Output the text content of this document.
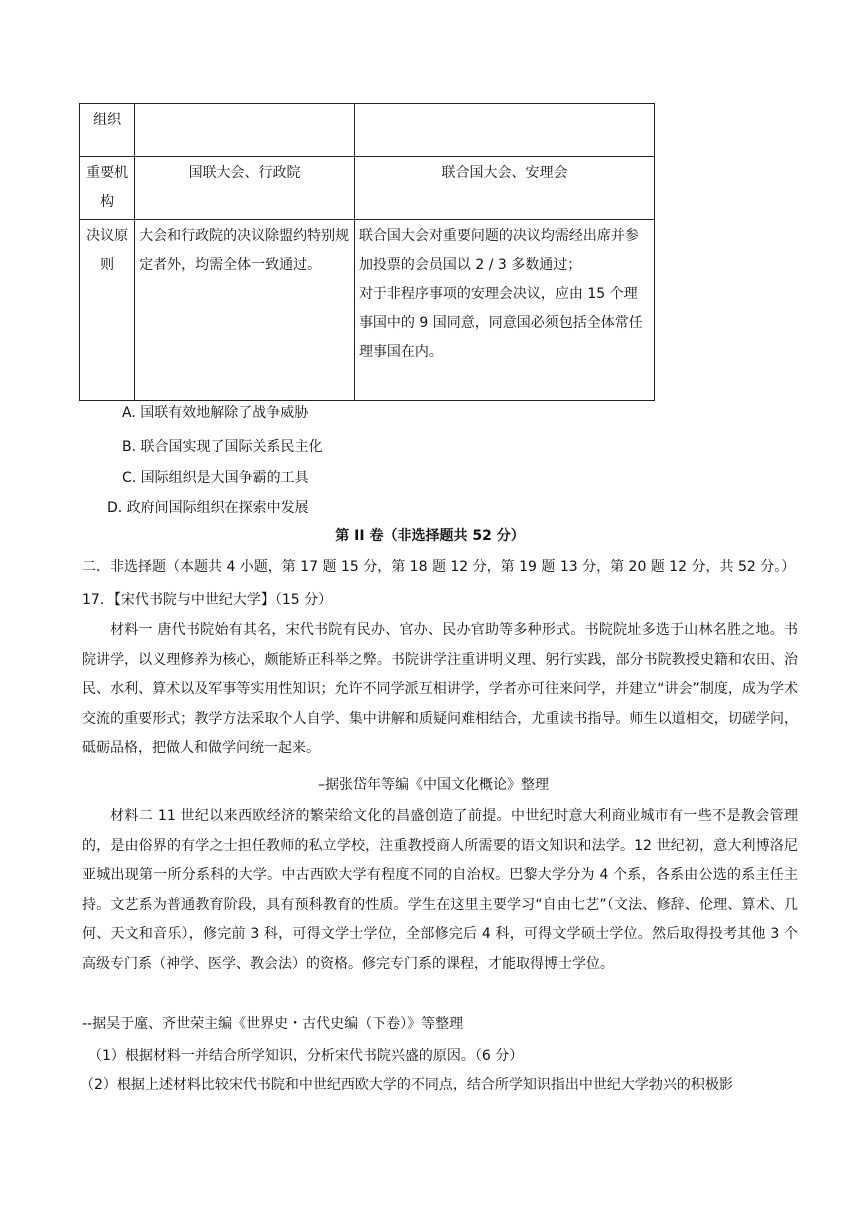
组织		
重要机构	国联大会、行政院	联合国大会、安理会
决议原则	大会和行政院的决议除盟约特别规定者外，均需全体一致通过。	联合国大会对重要问题的决议均需经出席并参加投票的会员国以 2 / 3 多数通过；
对于非程序事项的安理会决议，应由 15 个理事国中的 9 国同意，同意国必须包括全体常任理事国在内。
A. 国联有效地解除了战争威胁
B. 联合国实现了国际关系民主化
C. 国际组织是大国争霸的工具
D. 政府间国际组织在探索中发展
第 II 卷（非选择题共 52 分）
二．非选择题（本题共 4 小题，第 17 题 15 分，第 18 题 12 分，第 19 题 13 分，第 20 题 12 分，共 52 分。）
17．【宋代书院与中世纪大学】（15 分）
材料一 唐代书院始有其名，宋代书院有民办、官办、民办官助等多种形式。书院院址多选于山林名胜之地。书院讲学，以义理修养为核心，颇能矫正科举之弊。书院讲学注重讲明义理、躬行实践，部分书院教授史籍和农田、治民、水利、算术以及军事等实用性知识；允许不同学派互相讲学，学者亦可往来问学，并建立“讲会”制度，成为学术交流的重要形式；教学方法采取个人自学、集中讲解和质疑问难相结合，尤重读书指导。师生以道相交，切磋学问，砥砺品格，把做人和做学问统一起来。
–据张岱年等编《中国文化概论》整理
材料二 11 世纪以来西欧经济的繁荣给文化的昌盛创造了前提。中世纪时意大利商业城市有一些不是教会管理的，是由俗界的有学之士担任教师的私立学校，注重教授商人所需要的语文知识和法学。12 世纪初，意大利博洛尼亚城出现第一所分系科的大学。中古西欧大学有程度不同的自治权。巴黎大学分为 4 个系，各系由公选的系主任主持。文艺系为普通教育阶段，具有预科教育的性质。学生在这里主要学习“自由七艺”（文法、修辞、伦理、算术、几何、天文和音乐），修完前 3 科，可得文学士学位，全部修完后 4 科，可得文学硕士学位。然后取得投考其他 3 个高级专门系（神学、医学、教会法）的资格。修完专门系的课程，才能取得博士学位。
--据吴于廑、齐世荣主编《世界史・古代史编（下卷）》等整理
（1）根据材料一并结合所学知识，分析宋代书院兴盛的原因。（6 分）
（2）根据上述材料比较宋代书院和中世纪西欧大学的不同点，结合所学知识指出中世纪大学勃兴的积极影
